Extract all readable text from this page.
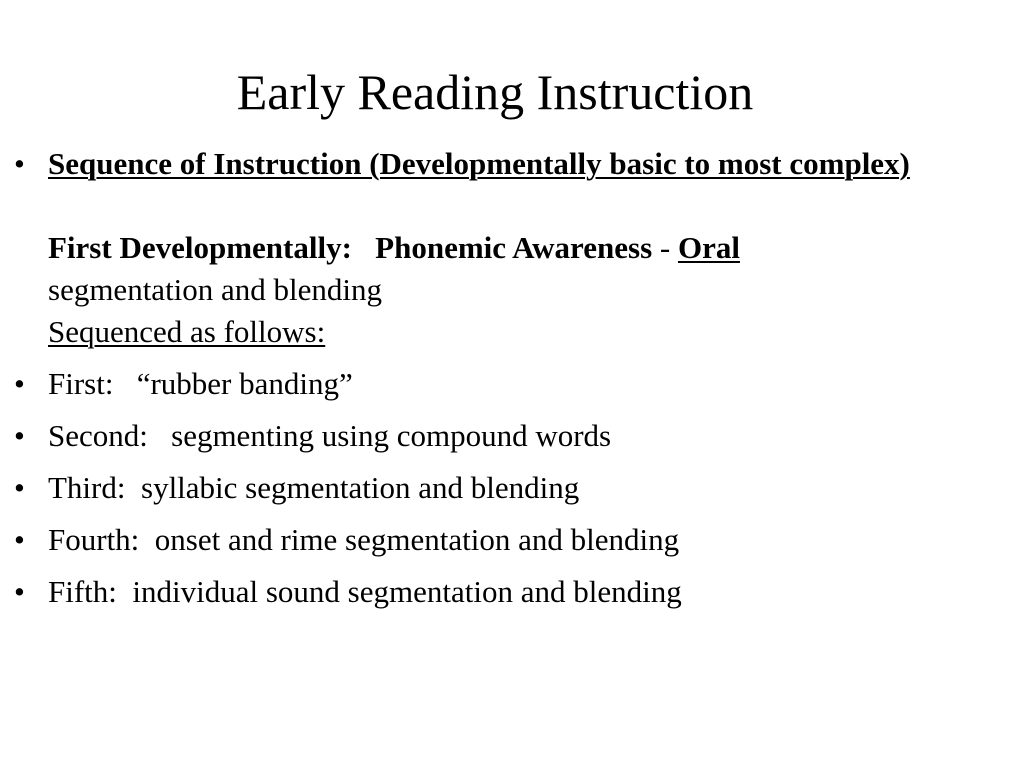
Early Reading Instruction
• Sequence of Instruction (Developmentally basic to most complex)
First Developmentally: Phonemic Awareness - Oral
segmentation and blending
Sequenced as follows:
• First: “rubber banding”
• Second: segmenting using compound words
• Third: syllabic segmentation and blending
• Fourth: onset and rime segmentation and blending
• Fifth: individual sound segmentation and blending
